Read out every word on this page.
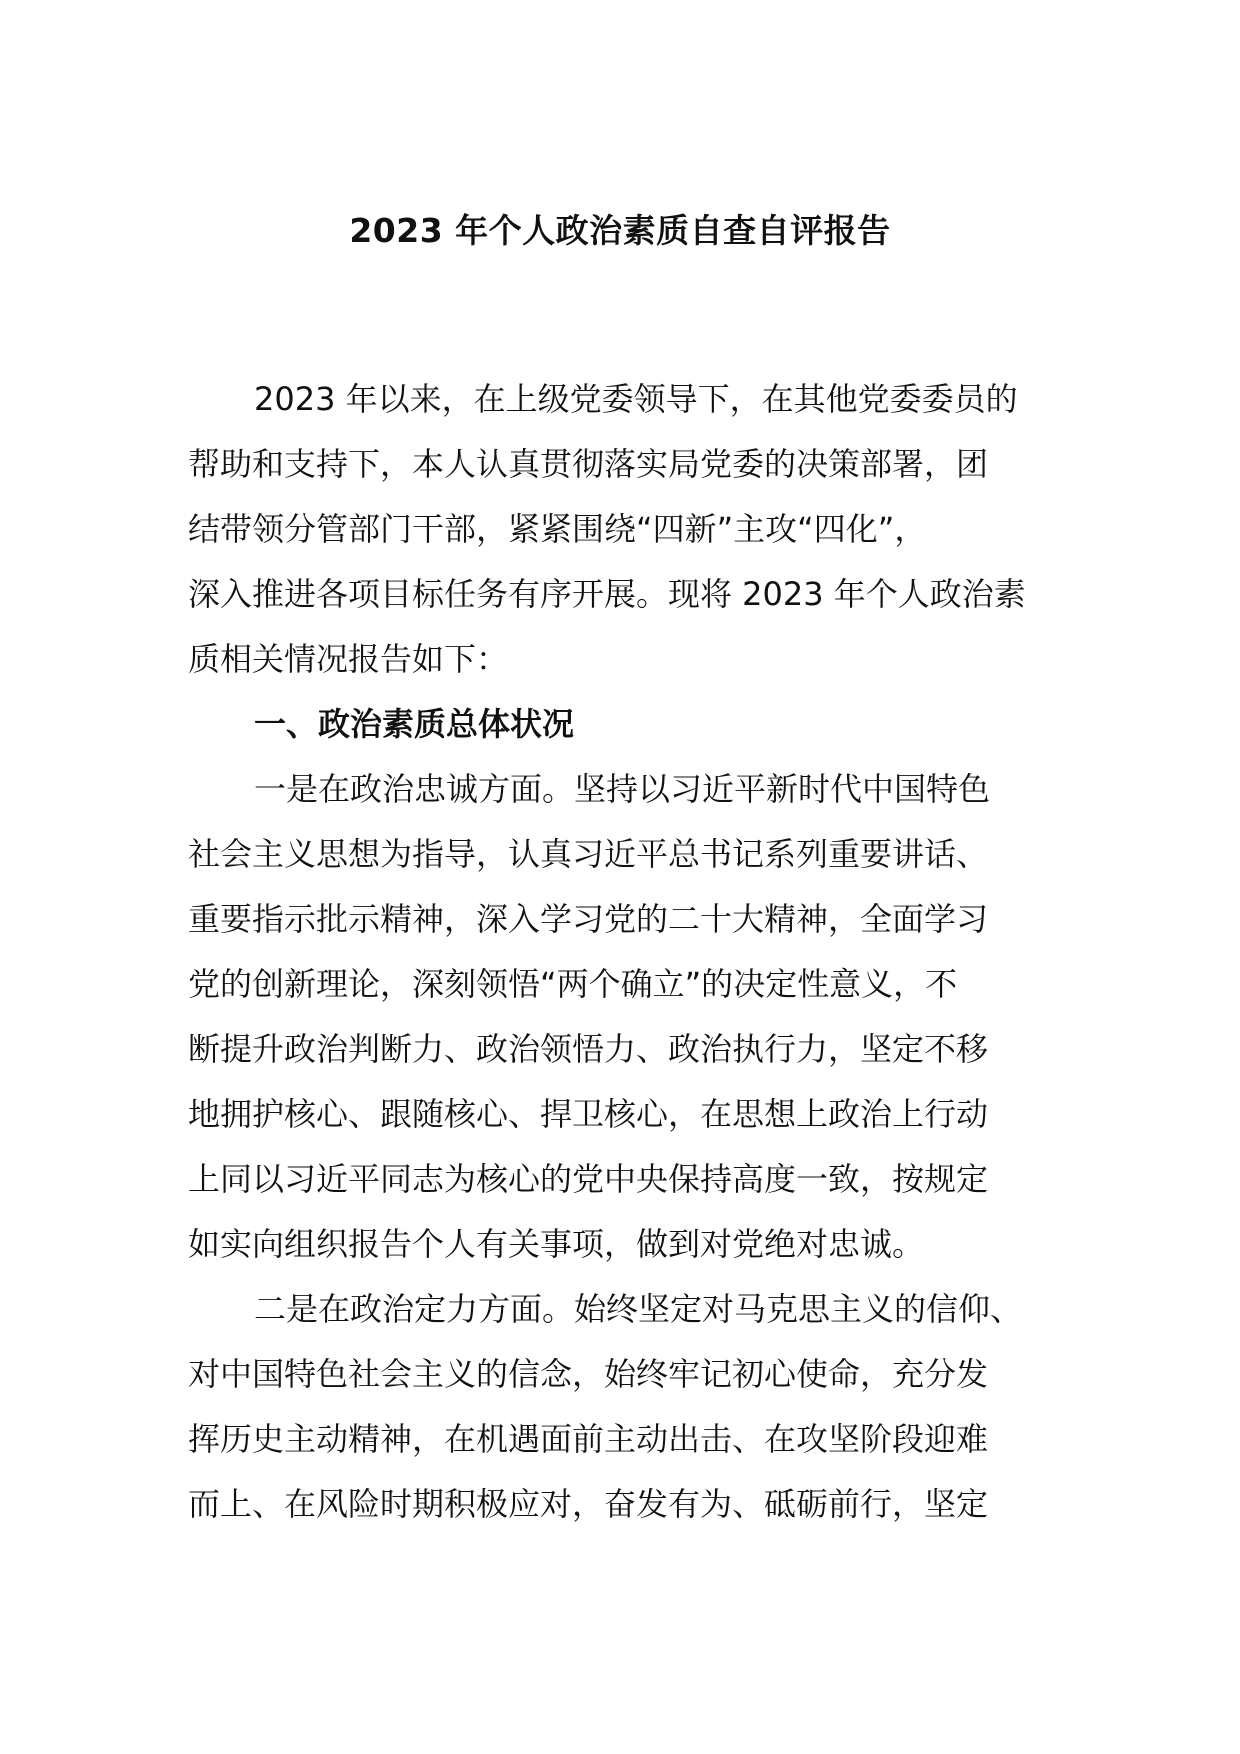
2023 年个人政治素质自查自评报告
2023 年以来，在上级党委领导下，在其他党委委员的
帮助和支持下，本人认真贯彻落实局党委的决策部署，团
结带领分管部门干部，紧紧围绕“四新”主攻“四化”，
深入推进各项目标任务有序开展。现将 2023 年个人政治素
质相关情况报告如下：
一、政治素质总体状况
一是在政治忠诚方面。坚持以习近平新时代中国特色
社会主义思想为指导，认真习近平总书记系列重要讲话、
重要指示批示精神，深入学习党的二十大精神，全面学习
党的创新理论，深刻领悟“两个确立”的决定性意义，不
断提升政治判断力、政治领悟力、政治执行力，坚定不移
地拥护核心、跟随核心、捍卫核心，在思想上政治上行动
上同以习近平同志为核心的党中央保持高度一致，按规定
如实向组织报告个人有关事项，做到对党绝对忠诚。
二是在政治定力方面。始终坚定对马克思主义的信仰、
对中国特色社会主义的信念，始终牢记初心使命，充分发
挥历史主动精神，在机遇面前主动出击、在攻坚阶段迎难
而上、在风险时期积极应对，奋发有为、砥砺前行，坚定
